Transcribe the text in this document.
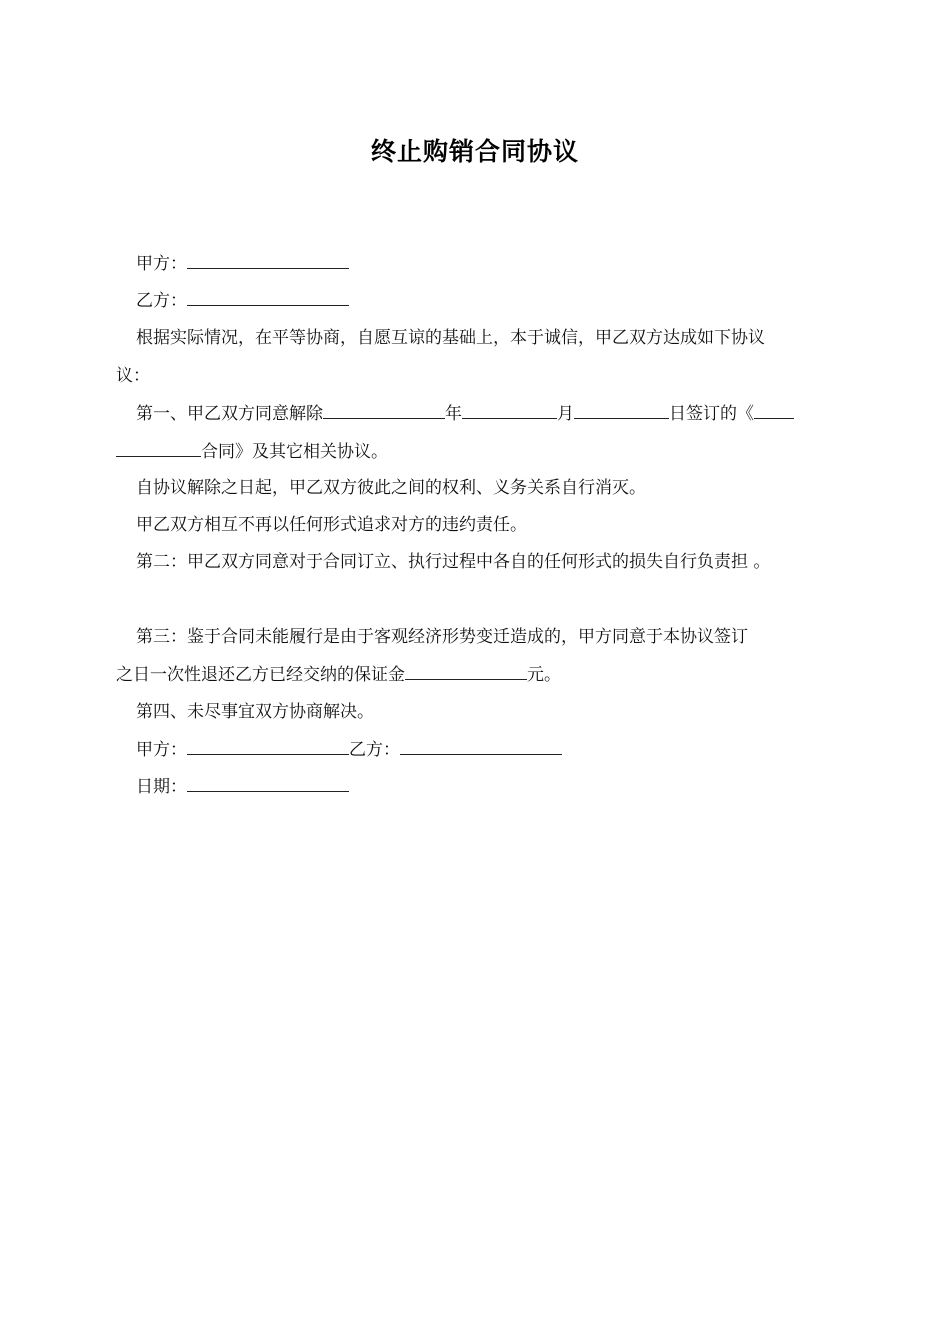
终止购销合同协议
甲方：
乙方：
根据实际情况，在平等协商，自愿互谅的基础上，本于诚信，甲乙双方达成如下协议
议：
第一、甲乙双方同意解除	年	月	日签订的《
合同》及其它相关协议。
自协议解除之日起，甲乙双方彼此之间的权利、义务关系自行消灭。
甲乙双方相互不再以任何形式追求对方的违约责任。
第二：甲乙双方同意对于合同订立、执行过程中各自的任何形式的损失自行负责担 。
第三：鉴于合同未能履行是由于客观经济形势变迁造成的，甲方同意于本协议签订
之日一次性退还乙方已经交纳的保证金	元。
第四、未尽事宜双方协商解决。
甲方：	乙方：
日期：
